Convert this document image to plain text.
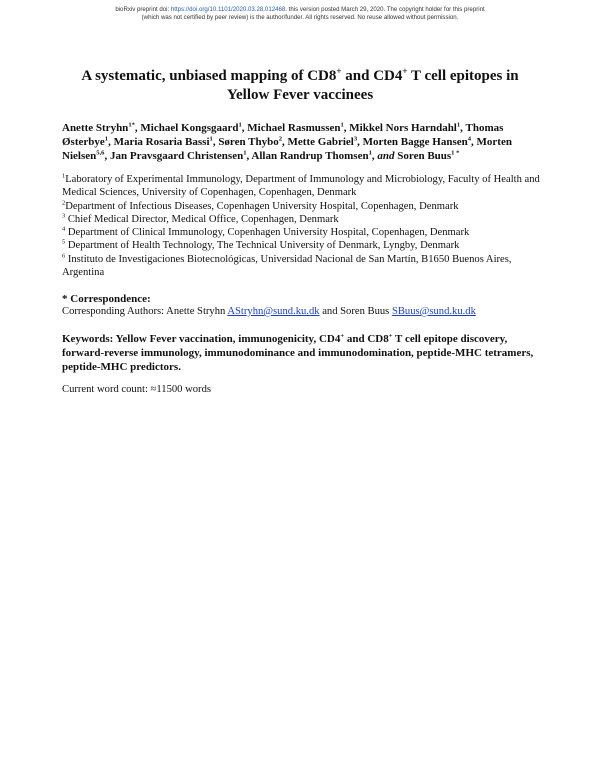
bioRxiv preprint doi: https://doi.org/10.1101/2020.03.28.012468. this version posted March 29, 2020. The copyright holder for this preprint
(which was not certified by peer review) is the author/funder. All rights reserved. No reuse allowed without permission.
A systematic, unbiased mapping of CD8+ and CD4+ T cell epitopes in
Yellow Fever vaccinees
Anette Stryhn$^{1*}$, Michael Kongsgaard$^1$, Michael Rasmussen$^1$, Mikkel Nors Harndahl$^1$, Thomas Østerbye$^1$, Maria Rosaria Bassi$^1$, Søren Thybo$^2$, Mette Gabriel$^3$, Morten Bagge Hansen$^4$, Morten Nielsen$^{5,6}$, Jan Pravsgaard Christensen$^1$, Allan Randrup Thomsen$^1$, and Soren Buus$^{1 *}$

$^1$Laboratory of Experimental Immunology, Department of Immunology and Microbiology, Faculty of Health and Medical Sciences, University of Copenhagen, Copenhagen, Denmark

$^2$Department of Infectious Diseases, Copenhagen University Hospital, Copenhagen, Denmark

$^3$ Chief Medical Director, Medical Office, Copenhagen, Denmark

$^4$ Department of Clinical Immunology, Copenhagen University Hospital, Copenhagen, Denmark

$^5$ Department of Health Technology, The Technical University of Denmark, Lyngby, Denmark

$^6$ Instituto de Investigaciones Biotecnológicas, Universidad Nacional de San Martín, B1650 Buenos Aires, Argentina

* Correspondence:
Corresponding Authors: Anette Stryhn AStryhn@sund.ku.dk and Soren Buus SBuus@sund.ku.dk
Keywords: Yellow Fever vaccination, immunogenicity, CD4+ and CD8+ T cell epitope discovery, forward-reverse immunology, immunodominance and immunodomination, peptide-MHC tetramers, peptide-MHC predictors.
Current word count: ≈11500 words
